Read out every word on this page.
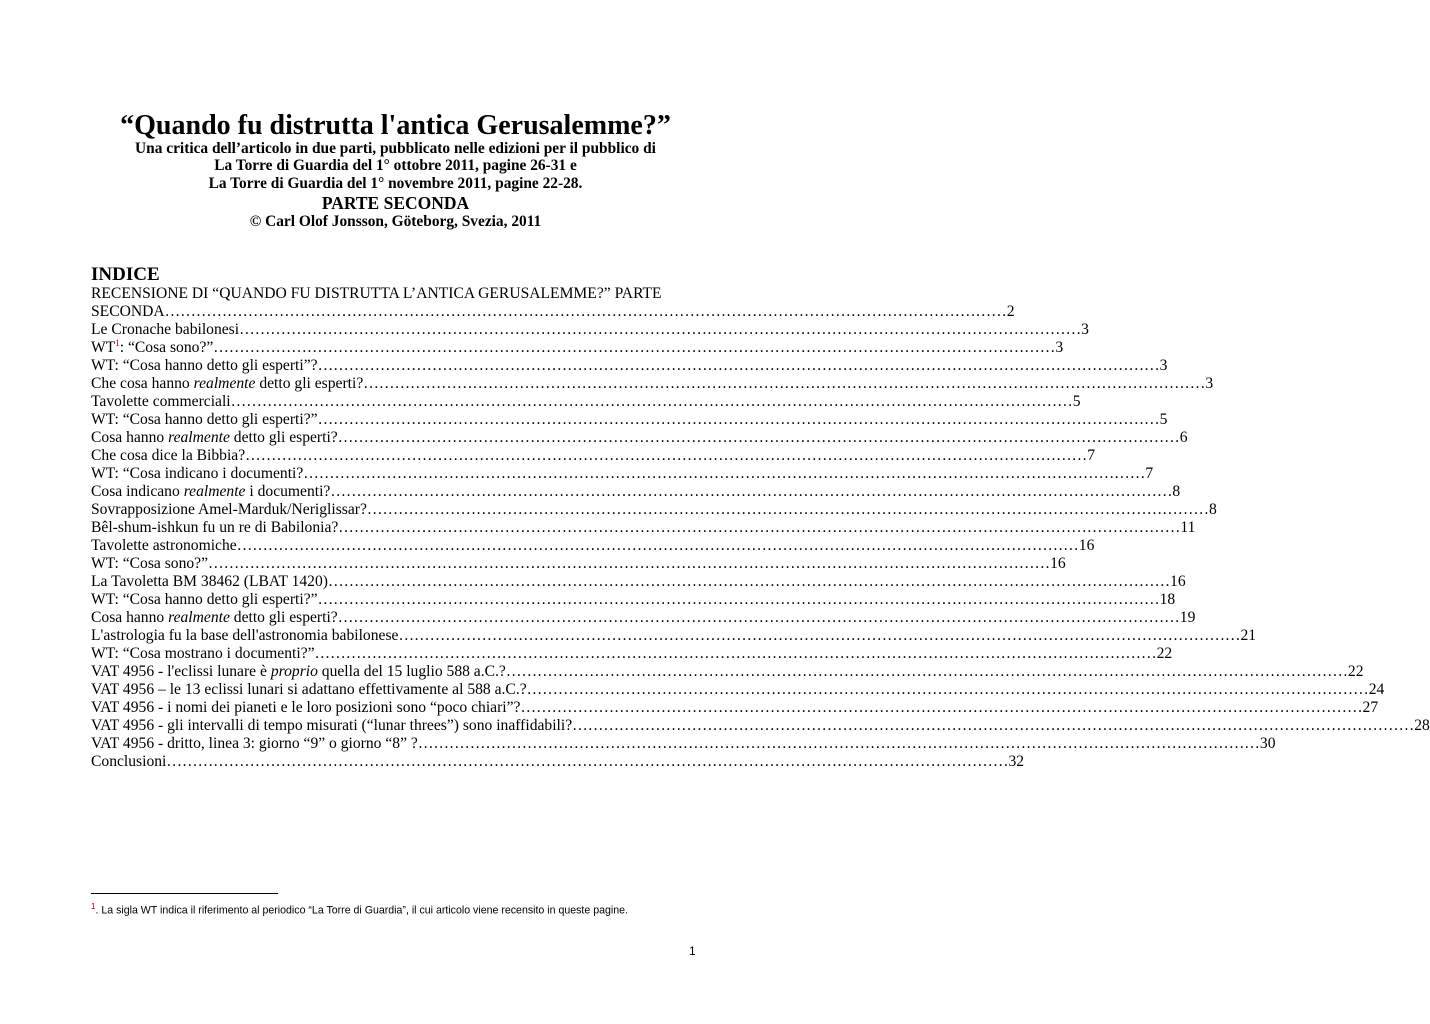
“Quando fu distrutta l'antica Gerusalemme?”
Una critica dell’articolo in due parti, pubblicato nelle edizioni per il pubblico di
La Torre di Guardia del 1° ottobre 2011, pagine 26-31 e
La Torre di Guardia del 1° novembre 2011, pagine 22-28.
PARTE SECONDA
© Carl Olof Jonsson, Göteborg, Svezia, 2011
INDICE
RECENSIONE DI “QUANDO FU DISTRUTTA L’ANTICA GERUSALEMME?” PARTE
SECONDA ………………………………………………………………………………………………………………………………………………	2
Le Cronache babilonesi ………………………………………………………………………………………………………………………………………………	3
WT$^1$: “Cosa sono?” ………………………………………………………………………………………………………………………………………………	3
WT: “Cosa hanno detto gli esperti”? ………………………………………………………………………………………………………………………………………………	3
Che cosa hanno realmente detto gli esperti? ………………………………………………………………………………………………………………………………………………	3
Tavolette commerciali ………………………………………………………………………………………………………………………………………………	5
WT: “Cosa hanno detto gli esperti?” ………………………………………………………………………………………………………………………………………………	5
Cosa hanno realmente detto gli esperti? ………………………………………………………………………………………………………………………………………………	6
Che cosa dice la Bibbia? ………………………………………………………………………………………………………………………………………………	7
WT: “Cosa indicano i documenti? ………………………………………………………………………………………………………………………………………………	7
Cosa indicano realmente i documenti? ………………………………………………………………………………………………………………………………………………	8
Sovrapposizione Amel-Marduk/Neriglissar? ………………………………………………………………………………………………………………………………………………	8
Bêl-shum-ishkun fu un re di Babilonia? ………………………………………………………………………………………………………………………………………………	11
Tavolette astronomiche ………………………………………………………………………………………………………………………………………………	16
WT: “Cosa sono?” ………………………………………………………………………………………………………………………………………………	16
La Tavoletta BM 38462 (LBAT 1420) ………………………………………………………………………………………………………………………………………………	16
WT: “Cosa hanno detto gli esperti?” ………………………………………………………………………………………………………………………………………………	18
Cosa hanno realmente detto gli esperti? ………………………………………………………………………………………………………………………………………………	19
L'astrologia fu la base dell'astronomia babilonese ………………………………………………………………………………………………………………………………………………	21
WT: “Cosa mostrano i documenti?” ………………………………………………………………………………………………………………………………………………	22
VAT 4956 - l'eclissi lunare è proprio quella del 15 luglio 588 a.C.? ………………………………………………………………………………………………………………………………………………	22
VAT 4956 – le 13 eclissi lunari si adattano effettivamente al 588 a.C.? ………………………………………………………………………………………………………………………………………………	24
VAT 4956 - i nomi dei pianeti e le loro posizioni sono “poco chiari”? ………………………………………………………………………………………………………………………………………………	27
VAT 4956 - gli intervalli di tempo misurati (“lunar threes”) sono inaffidabili? ………………………………………………………………………………………………………………………………………………	28
VAT 4956 - dritto, linea 3: giorno “9” o giorno “8” ? ………………………………………………………………………………………………………………………………………………	30
Conclusioni ………………………………………………………………………………………………………………………………………………	32
$^1$. La sigla WT indica il riferimento al periodico “La Torre di Guardia”, il cui articolo viene recensito in queste pagine.
1
